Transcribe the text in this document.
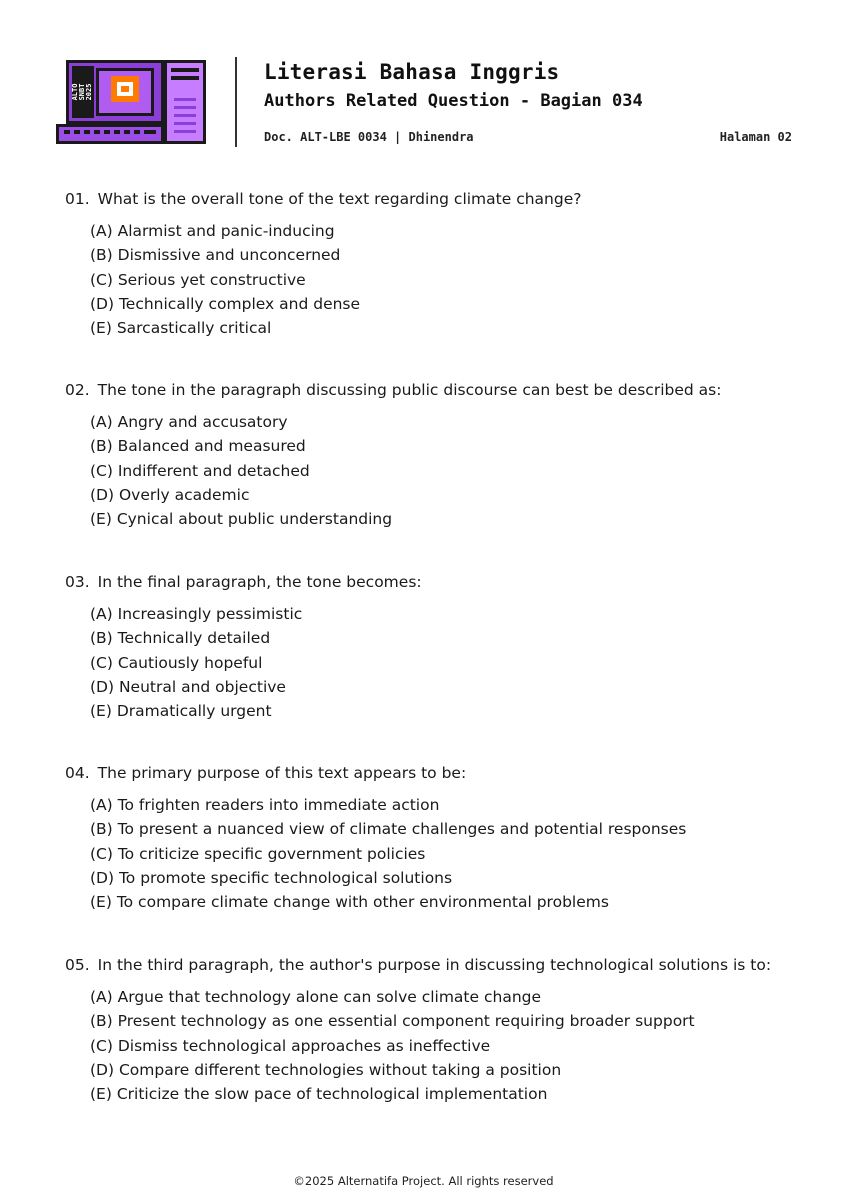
ALTO SNBT 2025
Literasi Bahasa Inggris
Authors Related Question - Bagian 034
Doc. ALT-LBE 0034 | Dhinendra	Halaman 02
01. What is the overall tone of the text regarding climate change?
(A) Alarmist and panic-inducing
(B) Dismissive and unconcerned
(C) Serious yet constructive
(D) Technically complex and dense
(E) Sarcastically critical
02. The tone in the paragraph discussing public discourse can best be described as:
(A) Angry and accusatory
(B) Balanced and measured
(C) Indifferent and detached
(D) Overly academic
(E) Cynical about public understanding
03. In the final paragraph, the tone becomes:
(A) Increasingly pessimistic
(B) Technically detailed
(C) Cautiously hopeful
(D) Neutral and objective
(E) Dramatically urgent
04. The primary purpose of this text appears to be:
(A) To frighten readers into immediate action
(B) To present a nuanced view of climate challenges and potential responses
(C) To criticize specific government policies
(D) To promote specific technological solutions
(E) To compare climate change with other environmental problems
05. In the third paragraph, the author's purpose in discussing technological solutions is to:
(A) Argue that technology alone can solve climate change
(B) Present technology as one essential component requiring broader support
(C) Dismiss technological approaches as ineffective
(D) Compare different technologies without taking a position
(E) Criticize the slow pace of technological implementation
©2025 Alternatifa Project. All rights reserved
